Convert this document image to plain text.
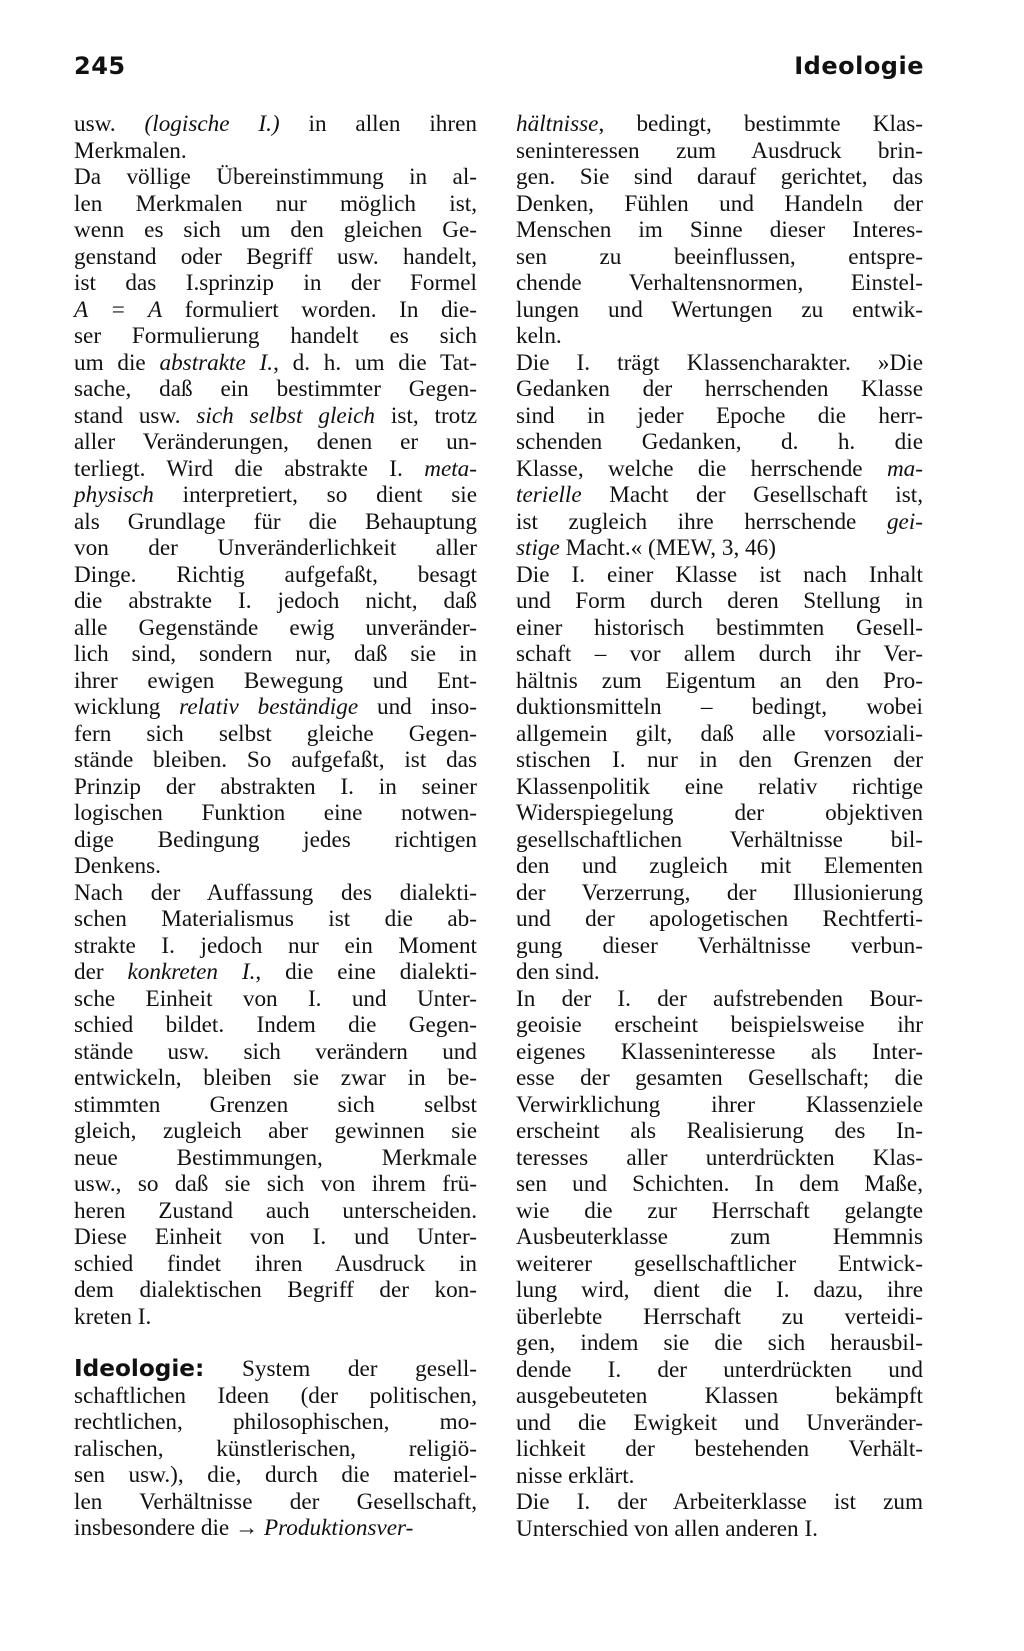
245	Ideologie
usw. (logische I.) in allen ihren
Merkmalen.
Da völlige Übereinstimmung in al-
len Merkmalen nur möglich ist,
wenn es sich um den gleichen Ge-
genstand oder Begriff usw. handelt,
ist das I.sprinzip in der Formel
A = A formuliert worden. In die-
ser Formulierung handelt es sich
um die abstrakte I., d. h. um die Tat-
sache, daß ein bestimmter Gegen-
stand usw. sich selbst gleich ist, trotz
aller Veränderungen, denen er un-
terliegt. Wird die abstrakte I. meta-
physisch interpretiert, so dient sie
als Grundlage für die Behauptung
von der Unveränderlichkeit aller
Dinge. Richtig aufgefaßt, besagt
die abstrakte I. jedoch nicht, daß
alle Gegenstände ewig unveränder-
lich sind, sondern nur, daß sie in
ihrer ewigen Bewegung und Ent-
wicklung relativ beständige und inso-
fern sich selbst gleiche Gegen-
stände bleiben. So aufgefaßt, ist das
Prinzip der abstrakten I. in seiner
logischen Funktion eine notwen-
dige Bedingung jedes richtigen
Denkens.
Nach der Auffassung des dialekti-
schen Materialismus ist die ab-
strakte I. jedoch nur ein Moment
der konkreten I., die eine dialekti-
sche Einheit von I. und Unter-
schied bildet. Indem die Gegen-
stände usw. sich verändern und
entwickeln, bleiben sie zwar in be-
stimmten Grenzen sich selbst
gleich, zugleich aber gewinnen sie
neue Bestimmungen, Merkmale
usw., so daß sie sich von ihrem frü-
heren Zustand auch unterscheiden.
Diese Einheit von I. und Unter-
schied findet ihren Ausdruck in
dem dialektischen Begriff der kon-
kreten I.
Ideologie: System der gesell-
schaftlichen Ideen (der politischen,
rechtlichen, philosophischen, mo-
ralischen, künstlerischen, religiö-
sen usw.), die, durch die materiel-
len Verhältnisse der Gesellschaft,
insbesondere die → Produktionsver-
hältnisse, bedingt, bestimmte Klas-
seninteressen zum Ausdruck brin-
gen. Sie sind darauf gerichtet, das
Denken, Fühlen und Handeln der
Menschen im Sinne dieser Interes-
sen zu beeinflussen, entspre-
chende Verhaltensnormen, Einstel-
lungen und Wertungen zu entwik-
keln.
Die I. trägt Klassencharakter. »Die
Gedanken der herrschenden Klasse
sind in jeder Epoche die herr-
schenden Gedanken, d. h. die
Klasse, welche die herrschende ma-
terielle Macht der Gesellschaft ist,
ist zugleich ihre herrschende gei-
stige Macht.« (MEW, 3, 46)
Die I. einer Klasse ist nach Inhalt
und Form durch deren Stellung in
einer historisch bestimmten Gesell-
schaft – vor allem durch ihr Ver-
hältnis zum Eigentum an den Pro-
duktionsmitteln – bedingt, wobei
allgemein gilt, daß alle vorsoziali-
stischen I. nur in den Grenzen der
Klassenpolitik eine relativ richtige
Widerspiegelung der objektiven
gesellschaftlichen Verhältnisse bil-
den und zugleich mit Elementen
der Verzerrung, der Illusionierung
und der apologetischen Rechtferti-
gung dieser Verhältnisse verbun-
den sind.
In der I. der aufstrebenden Bour-
geoisie erscheint beispielsweise ihr
eigenes Klasseninteresse als Inter-
esse der gesamten Gesellschaft; die
Verwirklichung ihrer Klassenziele
erscheint als Realisierung des In-
teresses aller unterdrückten Klas-
sen und Schichten. In dem Maße,
wie die zur Herrschaft gelangte
Ausbeuterklasse zum Hemmnis
weiterer gesellschaftlicher Entwick-
lung wird, dient die I. dazu, ihre
überlebte Herrschaft zu verteidi-
gen, indem sie die sich herausbil-
dende I. der unterdrückten und
ausgebeuteten Klassen bekämpft
und die Ewigkeit und Unveränder-
lichkeit der bestehenden Verhält-
nisse erklärt.
Die I. der Arbeiterklasse ist zum
Unterschied von allen anderen I.
